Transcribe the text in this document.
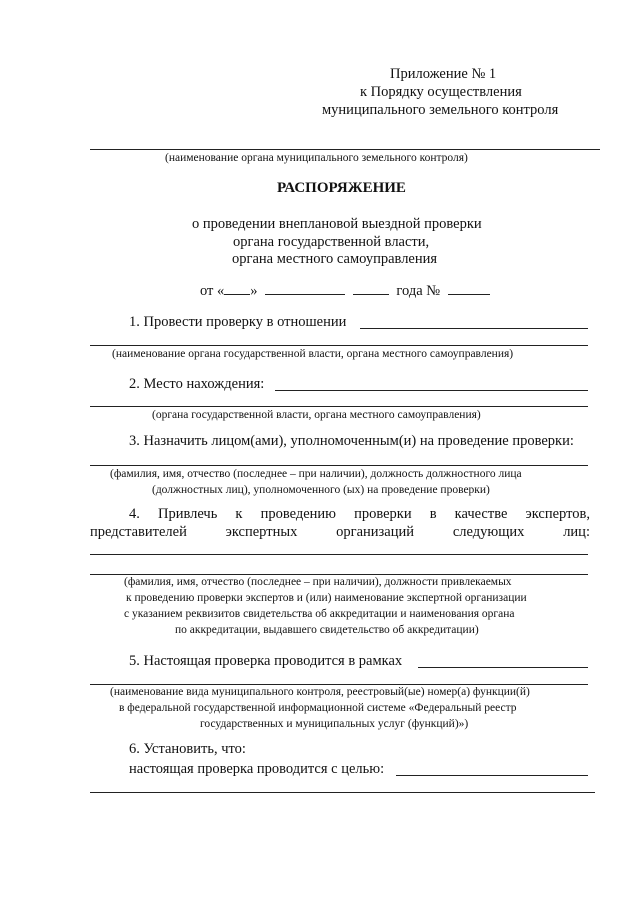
Приложение № 1
к Порядку осуществления
муниципального земельного контроля
(наименование органа муниципального земельного контроля)
РАСПОРЯЖЕНИЕ
о проведении внеплановой выездной проверки
органа государственной власти,
органа местного самоуправления
от « »	года №
1. Провести проверку в отношении
(наименование органа государственной власти, органа местного самоуправления)
2. Место нахождения:
(органа государственной власти, органа местного самоуправления)
3. Назначить лицом(ами), уполномоченным(и) на проведение проверки:
(фамилия, имя, отчество (последнее – при наличии), должность должностного лица
(должностных лиц), уполномоченного (ых) на проведение проверки)
4. Привлечь к проведению проверки в качестве экспертов,
представителей	экспертных	организаций	следующих	лиц:
(фамилия, имя, отчество (последнее – при наличии), должности привлекаемых
к проведению проверки экспертов и (или) наименование экспертной организации
с указанием реквизитов свидетельства об аккредитации и наименования органа
по аккредитации, выдавшего свидетельство об аккредитации)
5. Настоящая проверка проводится в рамках
(наименование вида муниципального контроля, реестровый(ые) номер(а) функции(й)
в федеральной государственной информационной системе «Федеральный реестр
государственных и муниципальных услуг (функций)»)
6. Установить, что:
настоящая проверка проводится с целью:
